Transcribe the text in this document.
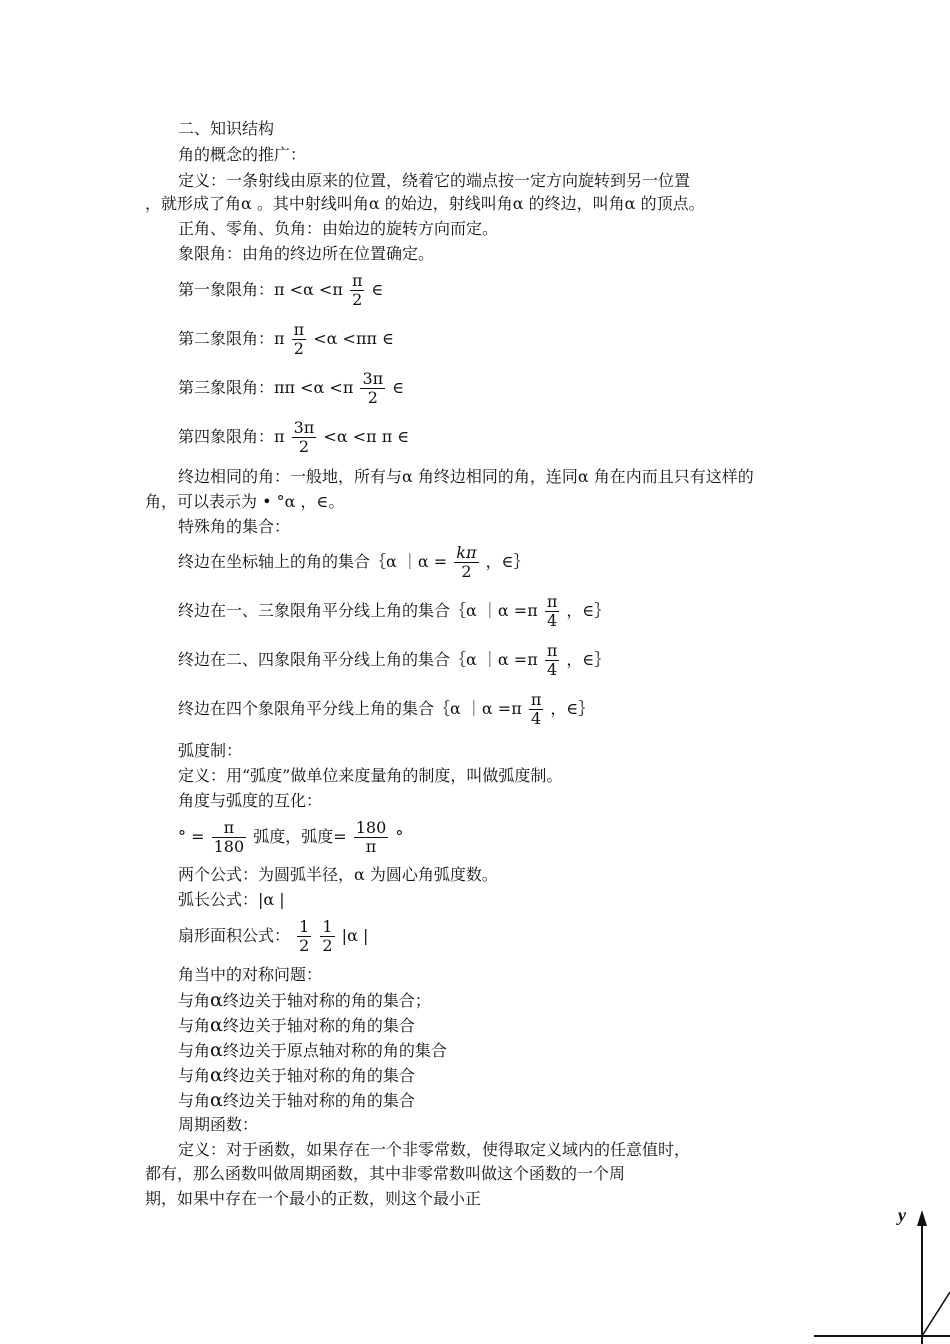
二、知识结构
角的概念的推广：
定义：一条射线由原来的位置，绕着它的端点按一定方向旋转到另一位置
，就形成了角α 。其中射线叫角α 的始边，射线叫角α 的终边，叫角α 的顶点。
正角、零角、负角：由始边的旋转方向而定。
象限角：由角的终边所在位置确定。
第一象限角：$\pi <\alpha <\pi \frac{\pi}{2}$ ∈
第二象限角：π $\frac{\pi}{2} <\alpha <\pi\pi$ ∈
第三象限角：$\pi\pi <\alpha <\pi \frac{3\pi}{2}$ ∈
第四象限角：π $\frac{3\pi}{2} <\alpha <\pi$ π ∈
终边相同的角：一般地，所有与α 角终边相同的角，连同α 角在内而且只有这样的
角，可以表示为 • °α ，∈。
特殊角的集合：
终边在坐标轴上的角的集合｛α ｜α = $\frac{k\pi}{2}$ ，∈｝
终边在一、三象限角平分线上角的集合｛α ｜α $=\pi \frac{\pi}{4}$ ，∈｝
终边在二、四象限角平分线上角的集合｛α ｜α $=\pi \frac{\pi}{4}$ ，∈｝
终边在四个象限角平分线上角的集合｛α ｜α $=\pi \frac{\pi}{4}$ ，∈｝
弧度制：
定义：用“弧度”做单位来度量角的制度，叫做弧度制。
角度与弧度的互化：
° = $\frac{\pi}{180}$ 弧度，弧度= $\frac{180}{\pi}$ °
两个公式：为圆弧半径，α 为圆心角弧度数。
弧长公式：|α |
扇形面积公式： $\frac{1}{2}$
$\frac{1}{2} |\alpha$ |
角当中的对称问题：
与角α终边关于轴对称的角的集合；
与角α终边关于轴对称的角的集合
与角α终边关于原点轴对称的角的集合
与角α终边关于轴对称的角的集合
与角α终边关于轴对称的角的集合
周期函数：
定义：对于函数，如果存在一个非零常数，使得取定义域内的任意值时，
都有，那么函数叫做周期函数，其中非零常数叫做这个函数的一个周
期，如果中存在一个最小的正数，则这个最小正
y
